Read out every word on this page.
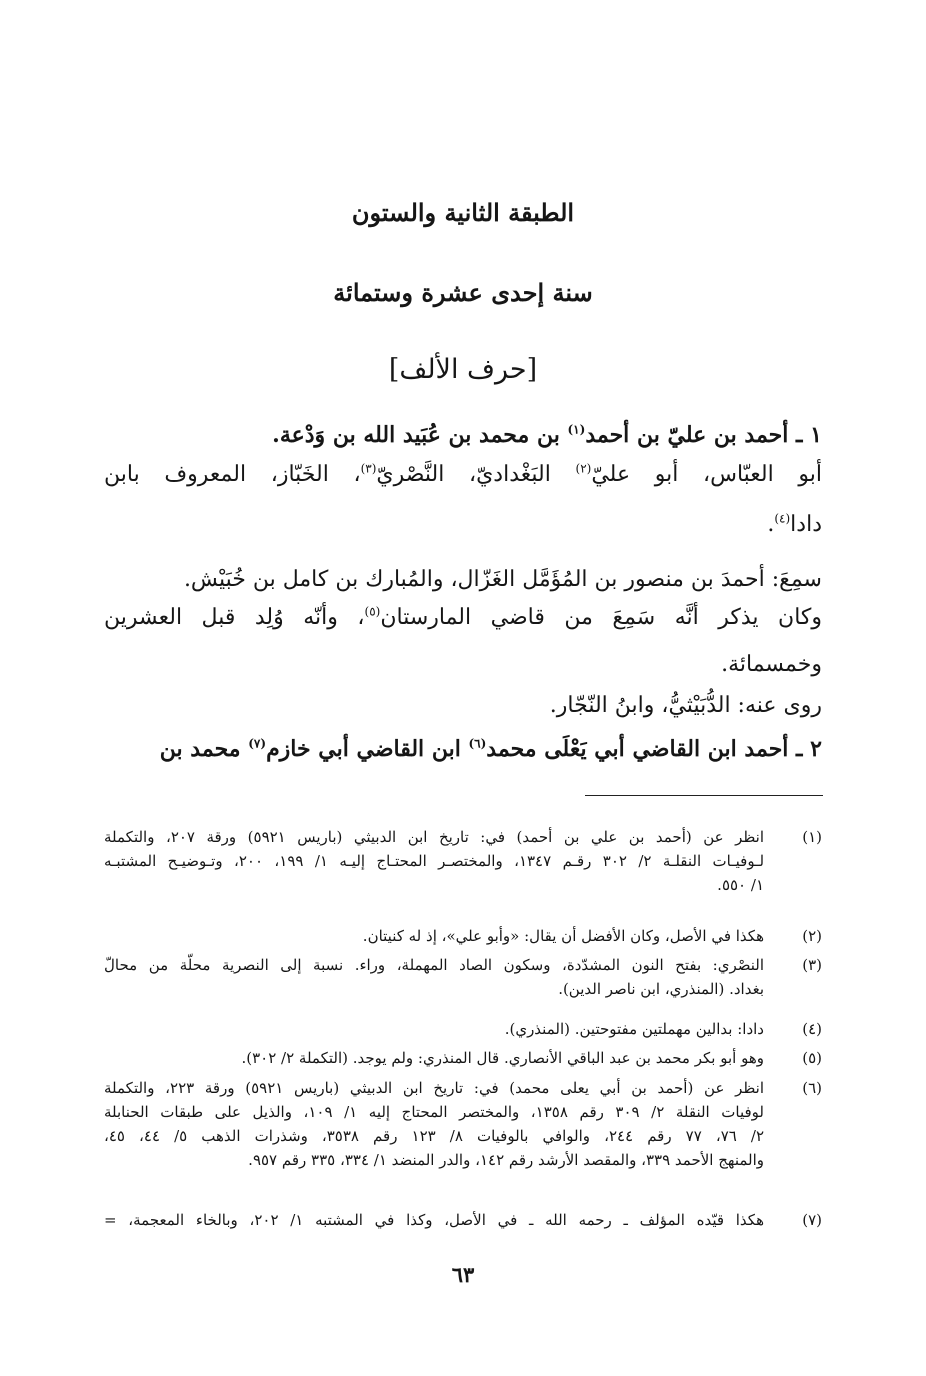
الطبقة الثانية والستون
سنة إحدى عشرة وستمائة
[حرف الألف]
١ ـ أحمد بن عليّ بن أحمد$^{(١)}$ بن محمد بن عُبَيد الله بن وَدْعة.
أبو العبّاس، أبو عليّ$^{(٢)}$ البَغْداديّ، النَّصْريّ$^{(٣)}$، الخَبّاز، المعروف بابن
دادا$^{(٤)}$.
سمِعَ: أحمدَ بن منصور بن المُؤَمَّل الغَزّال، والمُبارك بن كامل بن خُبَيْش.
وكان يذكر أنَّه سَمِعَ من قاضي المارستان$^{(٥)}$، وأنّه وُلِد قبل العشرين
وخمسمائة.
روى عنه: الدُّبَيْثيُّ، وابنُ النّجّار.
٢ ـ أحمد ابن القاضي أبي يَعْلَى محمد$^{(٦)}$ ابن القاضي أبي خازم$^{(٧)}$ محمد بن
(١)
انظر عن (أحمد بن علي بن أحمد) في: تاريخ ابن الدبيثي (باريس ٥٩٢١) ورقة ٢٠٧، والتكملة
لـوفيـات النقلـة ٢/ ٣٠٢ رقـم ١٣٤٧، والمختصـر المحتـاج إليـه ١/ ١٩٩، ٢٠٠، وتـوضيـح المشتبـه
١/ ٥٥٠.
(٢)
هكذا في الأصل، وكان الأفضل أن يقال: «وأبو علي»، إذ له كنيتان.
(٣)
النصْري: بفتح النون المشدّدة، وسكون الصاد المهملة، وراء. نسبة إلى النصرية محلّة من محالّ
بغداد. (المنذري، ابن ناصر الدين).
(٤)
دادا: بدالين مهملتين مفتوحتين. (المنذري).
(٥)
وهو أبو بكر محمد بن عبد الباقي الأنصاري. قال المنذري: ولم يوجد. (التكملة ٢/ ٣٠٢).
(٦)
انظر عن (أحمد بن أبي يعلى محمد) في: تاريخ ابن الدبيثي (باريس ٥٩٢١) ورقة ٢٢٣، والتكملة
لوفيات النقلة ٢/ ٣٠٩ رقم ١٣٥٨، والمختصر المحتاج إليه ١/ ١٠٩، والذيل على طبقات الحنابلة
٢/ ٧٦، ٧٧ رقم ٢٤٤، والوافي بالوفيات ٨/ ١٢٣ رقم ٣٥٣٨، وشذرات الذهب ٥/ ٤٤، ٤٥،
والمنهج الأحمد ٣٣٩، والمقصد الأرشد رقم ١٤٢، والدر المنضد ١/ ٣٣٤، ٣٣٥ رقم ٩٥٧.
(٧)
هكذا قيّده المؤلف ـ رحمه الله ـ في الأصل، وكذا في المشتبه ١/ ٢٠٢، وبالخاء المعجمة، =
٦٣
